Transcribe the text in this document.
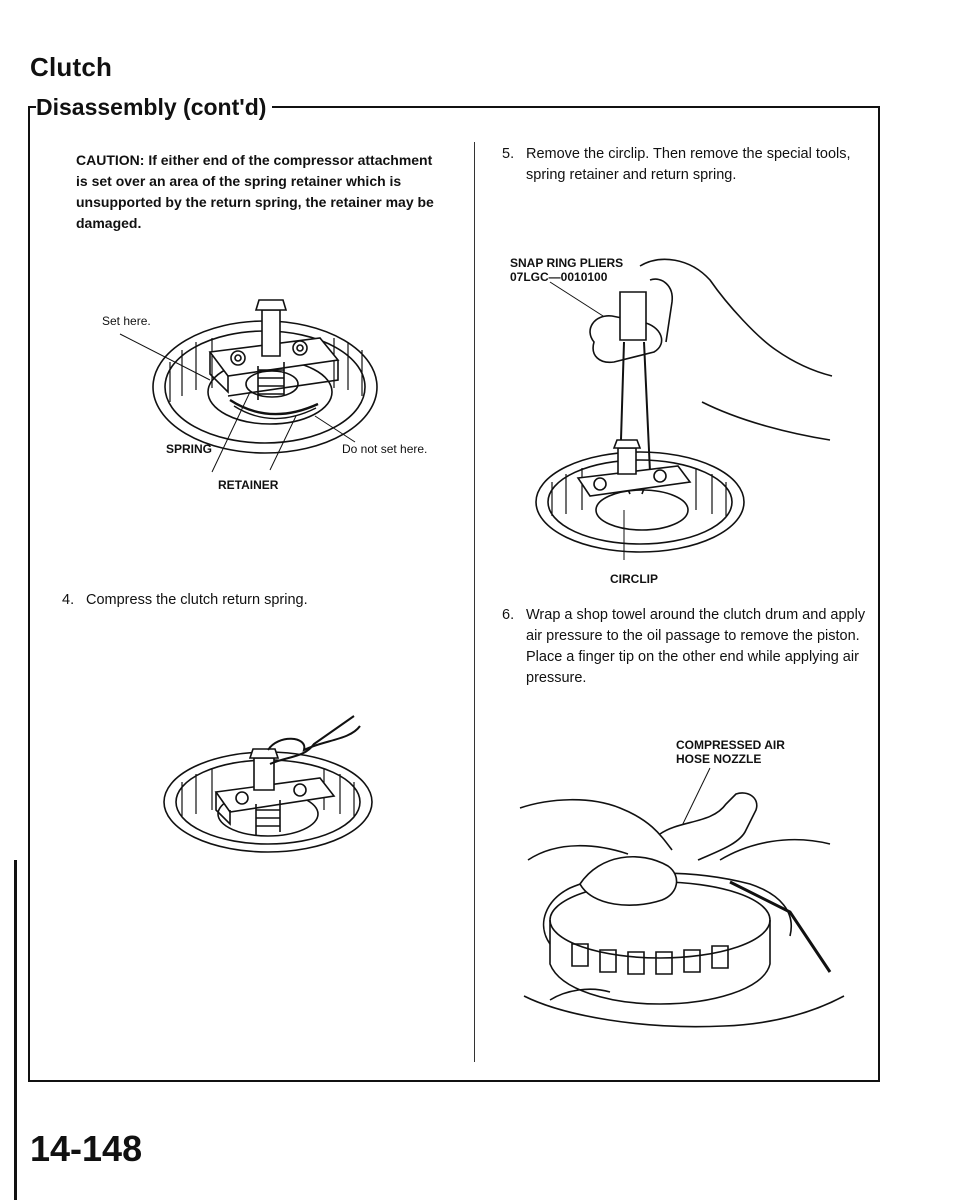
Clutch
Disassembly (cont'd)
CAUTION: If either end of the compressor attachment is set over an area of the spring retainer which is unsupported by the return spring, the retainer may be damaged.
Set here.
SPRING	Do not set here.
RETAINER
4. Compress the clutch return spring.
5. Remove the circlip. Then remove the special tools, spring retainer and return spring.
SNAP RING PLIERS
07LGC—0010100
CIRCLIP
6. Wrap a shop towel around the clutch drum and apply air pressure to the oil passage to remove the piston. Place a finger tip on the other end while applying air pressure.
COMPRESSED AIR
HOSE NOZZLE
14-148
